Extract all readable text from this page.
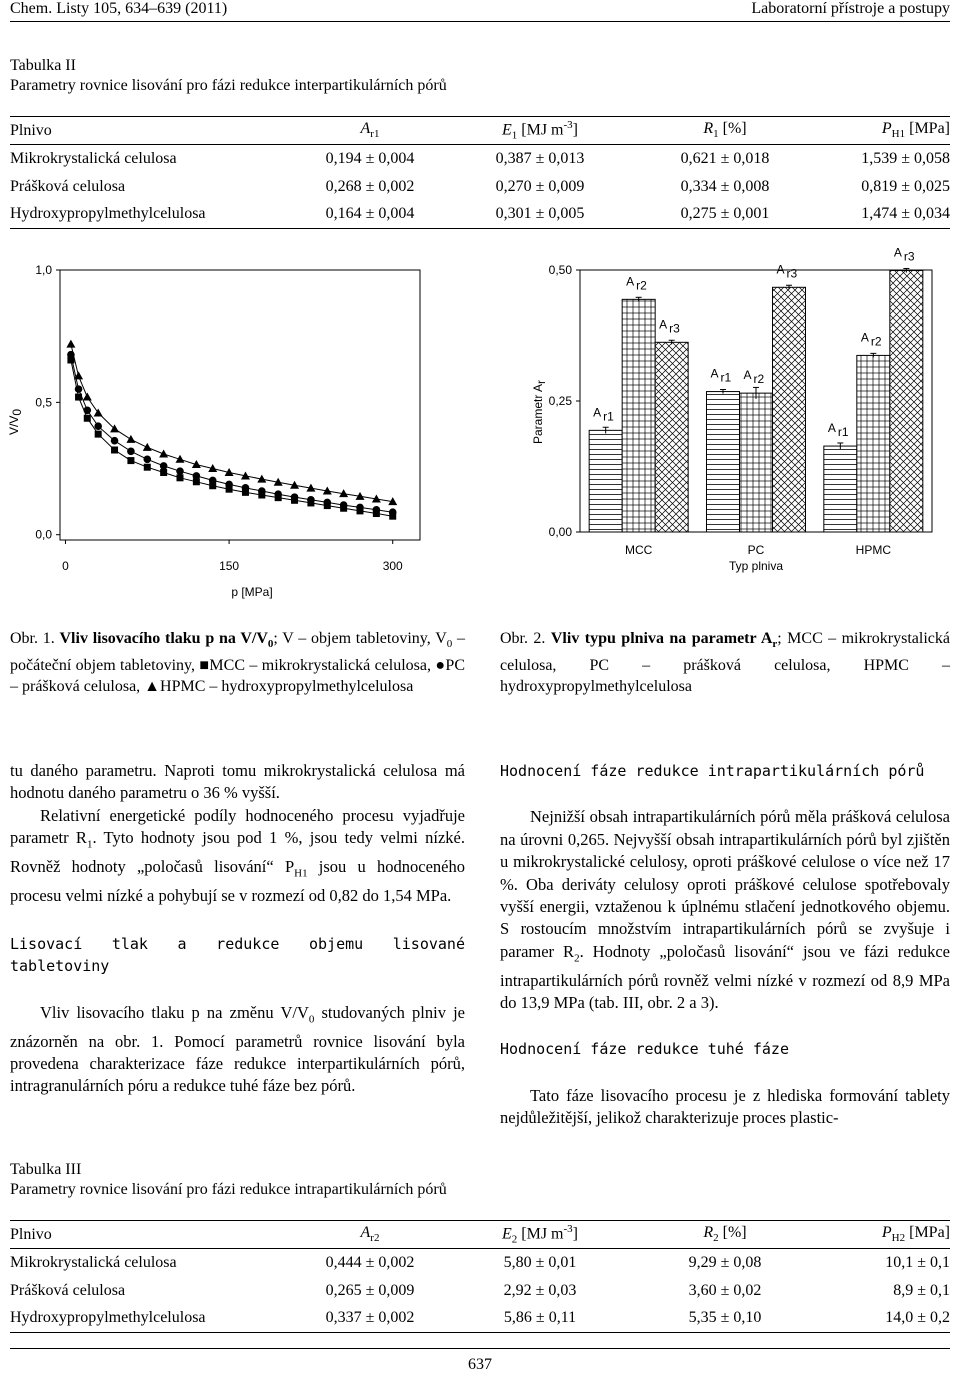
Chem. Listy 105, 634–639 (2011)	Laboratorní přístroje a postupy
Tabulka II
Parametry rovnice lisování pro fázi redukce interpartikulárních pórů
Plnivo	$A_{r1}$	$E_1$ [MJ $m^{-3}$]	$R_1$ [%]	$P_{H1}$ [MPa]
Mikrokrystalická celulosa	0,194 ± 0,004	0,387 ± 0,013	0,621 ± 0,018	1,539 ± 0,058
Prášková celulosa	0,268 ± 0,002	0,270 ± 0,009	0,334 ± 0,008	0,819 ± 0,025
Hydroxypropylmethylcelulosa	0,164 ± 0,004	0,301 ± 0,005	0,275 ± 0,001	1,474 ± 0,034
0,0
0,5
1,0
0	150	300
V/V0
p [MPa]
0,00
0,25
0,50
MCC	PC	HPMC
A r1
A r2
A r3
A r1 A r2
A r3
A r1
A r2
A r3
Parametr Ar
Typ plniva
Obr. 1. Vliv lisovacího tlaku p na $V/V_0$; V – objem tabletoviny, $V_0$ – počáteční objem tabletoviny, ■MCC – mikrokrystalická celulosa, ●PC – prášková celulosa, ▲HPMC – hydroxypropylmethylcelulosa
Obr. 2. Vliv typu plniva na parametr $A_r$; MCC – mikrokrystalická celulosa, PC – prášková celulosa, HPMC – hydroxypropylmethylcelulosa

tu daného parametru. Naproti tomu mikrokrystalická celulosa má hodnotu daného parametru o 36 % vyšší.

Relativní energetické podíly hodnoceného procesu vyjadřuje parametr $R_1$. Tyto hodnoty jsou pod 1 %, jsou tedy velmi nízké. Rovněž hodnoty „poločasů lisování“ $P_{H1}$ jsou u hodnoceného procesu velmi nízké a pohybují se v rozmezí od 0,82 do 1,54 MPa.

Lisovací tlak a redukce objemu lisované tabletoviny

Vliv lisovacího tlaku p na změnu $V/V_0$ studovaných plniv je znázorněn na obr. 1. Pomocí parametrů rovnice lisování byla provedena charakterizace fáze redukce interpartikulárních pórů, intragranulárních póru a redukce tuhé fáze bez pórů.

Hodnocení fáze redukce intrapartikulárních pórů

Nejnižší obsah intrapartikulárních pórů měla prášková celulosa na úrovni 0,265. Nejvyšší obsah intrapartikulárních pórů byl zjištěn u mikrokrystalické celulosy, oproti práškové celulose o více než 17 %. Oba deriváty celulosy oproti práškové celulose spotřebovaly vyšší energii, vztaženou k úplnému stlačení jednotkového objemu. S rostoucím množstvím intrapartikulárních pórů se zvyšuje i paramer $R_2$. Hodnoty „poločasů lisování“ jsou ve fázi redukce intrapartikulárních pórů rovněž velmi nízké v rozmezí od 8,9 MPa do 13,9 MPa (tab. III, obr. 2 a 3).

Hodnocení fáze redukce tuhé fáze

Tato fáze lisovacího procesu je z hlediska formování tablety nejdůležitější, jelikož charakterizuje proces plastic-

Tabulka III
Parametry rovnice lisování pro fázi redukce intrapartikulárních pórů
Plnivo	$A_{r2}$	$E_2$ [MJ $m^{-3}$]	$R_2$ [%]	$P_{H2}$ [MPa]
Mikrokrystalická celulosa	0,444 ± 0,002	5,80 ± 0,01	9,29 ± 0,08	10,1 ± 0,1
Prášková celulosa	0,265 ± 0,009	2,92 ± 0,03	3,60 ± 0,02	8,9 ± 0,1
Hydroxypropylmethylcelulosa	0,337 ± 0,002	5,86 ± 0,11	5,35 ± 0,10	14,0 ± 0,2
637
